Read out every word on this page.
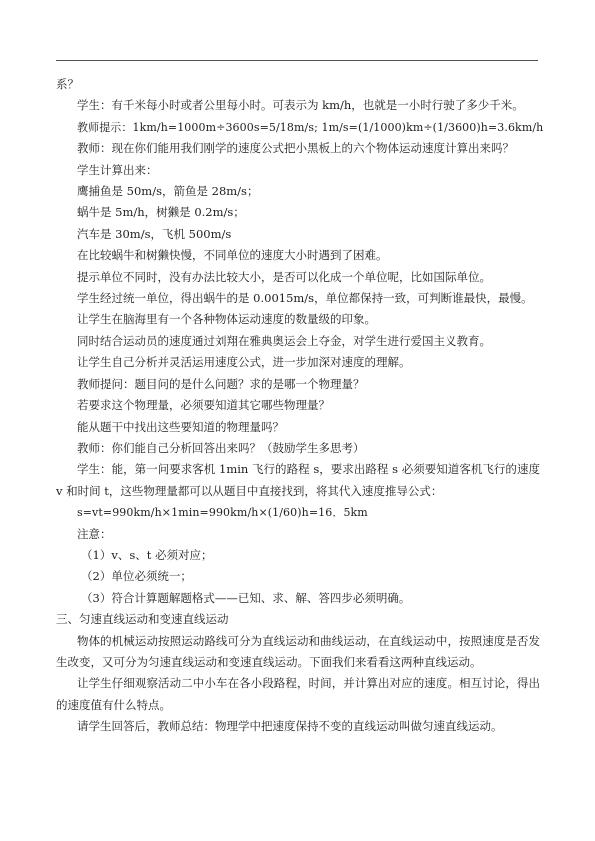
系？
学生：有千米每小时或者公里每小时。可表示为 km/h，也就是一小时行驶了多少千米。
教师提示：1km/h=1000m÷3600s=5/18m/s; 1m/s=(1/1000)km÷(1/3600)h=3.6km/h
教师：现在你们能用我们刚学的速度公式把小黑板上的六个物体运动速度计算出来吗？
学生计算出来：
鹰捕鱼是 50m/s，箭鱼是 28m/s；
蜗牛是 5m/h，树獭是 0.2m/s；
汽车是 30m/s，飞机 500m/s
在比较蜗牛和树獭快慢，不同单位的速度大小时遇到了困难。
提示单位不同时，没有办法比较大小，是否可以化成一个单位呢，比如国际单位。
学生经过统一单位，得出蜗牛的是 0.0015m/s，单位都保持一致，可判断谁最快，最慢。
让学生在脑海里有一个各种物体运动速度的数量级的印象。
同时结合运动员的速度通过刘翔在雅典奥运会上夺金，对学生进行爱国主义教育。
让学生自己分析并灵活运用速度公式，进一步加深对速度的理解。
教师提问：题目问的是什么问题？求的是哪一个物理量？
若要求这个物理量，必须要知道其它哪些物理量？
能从题干中找出这些要知道的物理量吗？
教师：你们能自己分析回答出来吗？（鼓励学生多思考）
学生：能，第一问要求客机 1min 飞行的路程 s，要求出路程 s 必须要知道客机飞行的速度 v 和时间 t，这些物理量都可以从题目中直接找到，将其代入速度推导公式：
s=vt=990km/h×1min=990km/h×(1/60)h=16．5km
注意：
（1）v、s、t 必须对应；
（2）单位必须统一；
（3）符合计算题解题格式——已知、求、解、答四步必须明确。
三、匀速直线运动和变速直线运动
物体的机械运动按照运动路线可分为直线运动和曲线运动，在直线运动中，按照速度是否发生改变，又可分为匀速直线运动和变速直线运动。下面我们来看看这两种直线运动。
让学生仔细观察活动二中小车在各小段路程，时间，并计算出对应的速度。相互讨论，得出的速度值有什么特点。
请学生回答后，教师总结：物理学中把速度保持不变的直线运动叫做匀速直线运动。
